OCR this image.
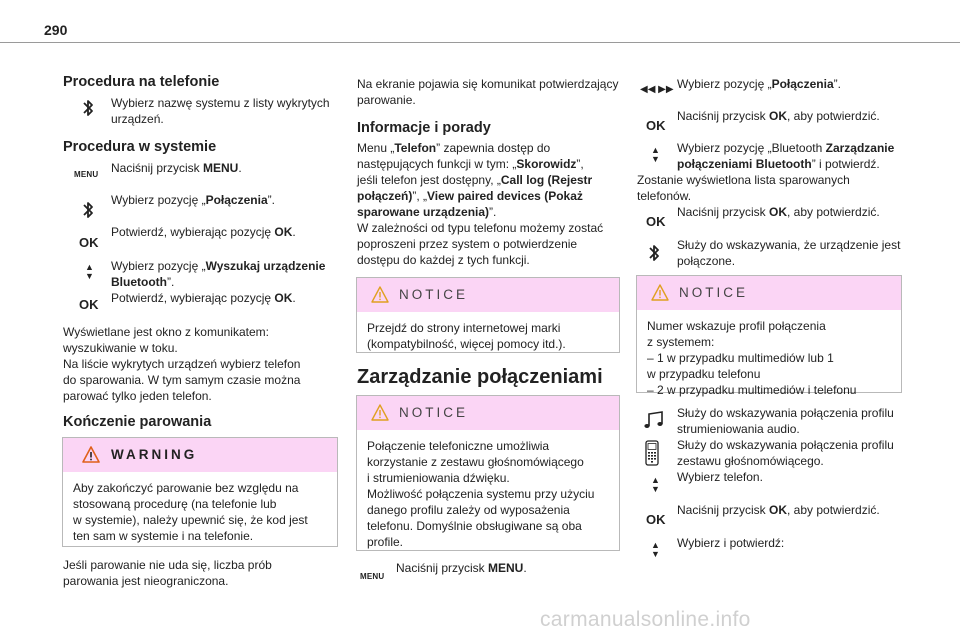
290
Procedura na telefonie
Wybierz nazwę systemu z listy wykrytych urządzeń.
Procedura w systemie
MENU Naciśnij przycisk MENU.
Wybierz pozycję „Połączenia”.
OK
Potwierdź, wybierając pozycję OK.
▲
▼
Wybierz pozycję „Wyszukaj urządzenie Bluetooth”.
OK Potwierdź, wybierając pozycję OK.
Wyświetlane jest okno z komunikatem:
wyszukiwanie w toku.
Na liście wykrytych urządzeń wybierz telefon
do sparowania. W tym samym czasie można
parować tylko jeden telefon.
Kończenie parowania
WARNING
Aby zakończyć parowanie bez względu na
stosowaną procedurę (na telefonie lub
w systemie), należy upewnić się, że kod jest
ten sam w systemie i na telefonie.
Jeśli parowanie nie uda się, liczba prób
parowania jest nieograniczona.
Na ekranie pojawia się komunikat potwierdzający
parowanie.
Informacje i porady
Menu „Telefon” zapewnia dostęp do
następujących funkcji w tym: „Skorowidz”,
jeśli telefon jest dostępny, „Call log (Rejestr
połączeń)”, „View paired devices (Pokaż
sparowane urządzenia)”.
W zależności od typu telefonu możemy zostać
poproszeni przez system o potwierdzenie
dostępu do każdej z tych funkcji.
NOTICE
Przejdź do strony internetowej marki
(kompatybilność, więcej pomocy itd.).
Zarządzanie połączeniami
NOTICE
Połączenie telefoniczne umożliwia
korzystanie z zestawu głośnomówiącego
i strumieniowania dźwięku.
Możliwość połączenia systemu przy użyciu
danego profilu zależy od wyposażenia
telefonu. Domyślnie obsługiwane są oba
profile.
MENU
Naciśnij przycisk MENU.
◀◀ ▶▶ Wybierz pozycję „Połączenia”.
OK
Naciśnij przycisk OK, aby potwierdzić.
▲
▼
Wybierz pozycję „Bluetooth Zarządzanie
połączeniami Bluetooth” i potwierdź.
Zostanie wyświetlona lista sparowanych
telefonów.
OK
Naciśnij przycisk OK, aby potwierdzić.
Służy do wskazywania, że urządzenie jest
połączone.
NOTICE
Numer wskazuje profil połączenia
z systemem:
– 1 w przypadku multimediów lub 1
w przypadku telefonu
– 2 w przypadku multimediów i telefonu
Służy do wskazywania połączenia profilu
strumieniowania audio.
Służy do wskazywania połączenia profilu
zestawu głośnomówiącego.
▲
▼
Wybierz telefon.
OK
Naciśnij przycisk OK, aby potwierdzić.
▲
▼
Wybierz i potwierdź:
carmanualsonline.info
